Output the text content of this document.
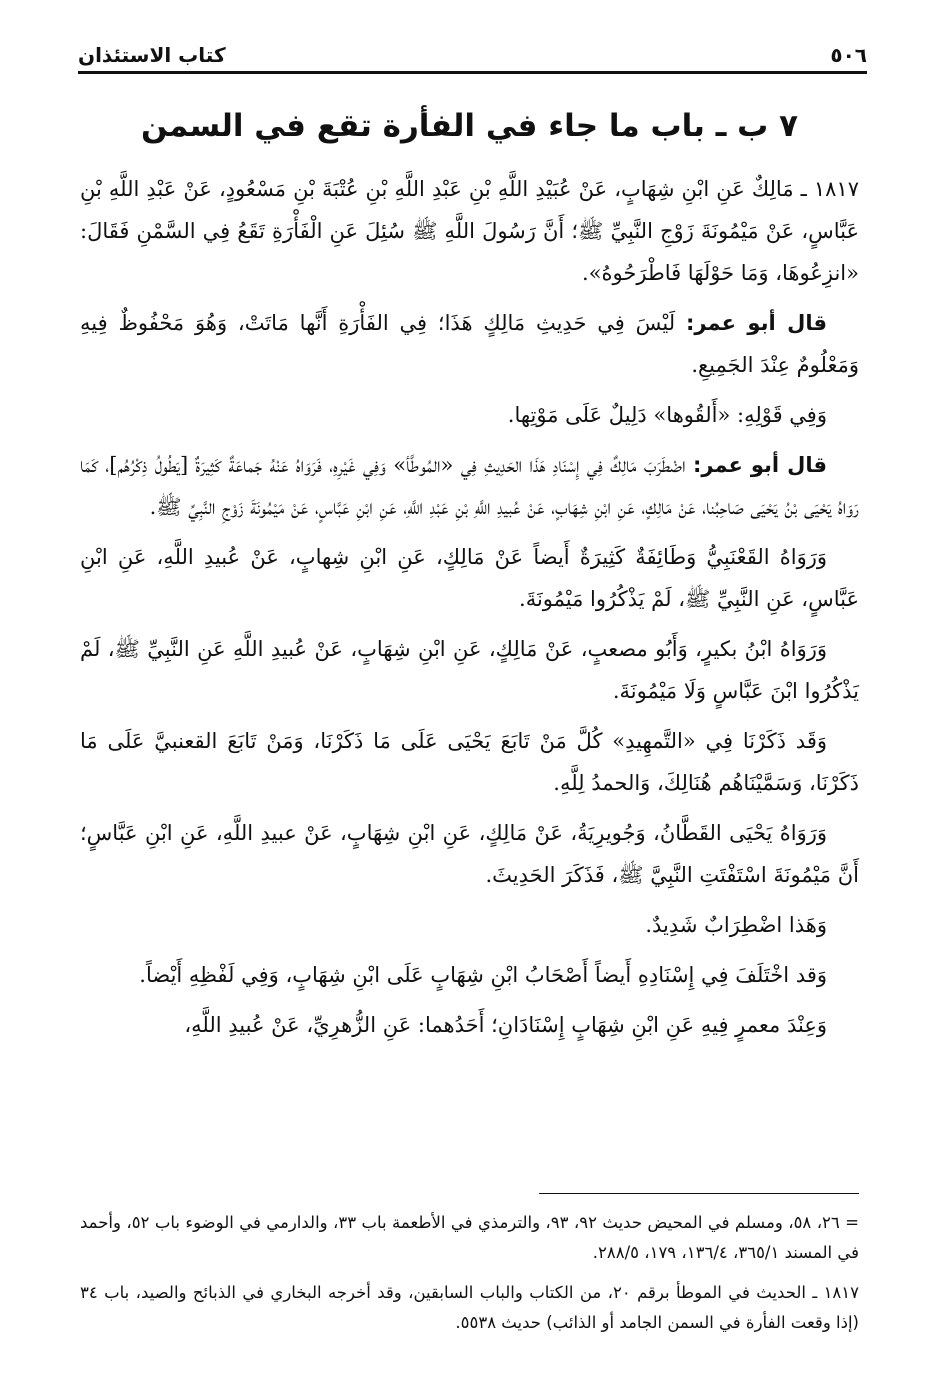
٥٠٦
كتاب الاستئذان
٧ ب ـ باب ما جاء في الفأرة تقع في السمن

١٨١٧ ـ مَالِكٌ عَنِ ابْنِ شِهَابٍ، عَنْ عُبَيْدِ اللَّهِ بْنِ عَبْدِ اللَّهِ بْنِ عُتْبَةَ بْنِ مَسْعُودٍ، عَنْ عَبْدِ اللَّهِ بْنِ عَبَّاسٍ، عَنْ مَيْمُونَةَ زَوْجِ النَّبِيِّ ﷺ؛ أَنَّ رَسُولَ اللَّهِ ﷺ سُئِلَ عَنِ الْفَأْرَةِ تَقَعُ فِي السَّمْنِ فَقَالَ: «انزِعُوهَا، وَمَا حَوْلَهَا فَاطْرَحُوهُ».

قال أبو عمر: لَيْسَ فِي حَدِيثِ مَالِكٍ هَذَا؛ فِي الفَأْرَةِ أَنَّها مَاتَتْ، وَهُوَ مَحْفُوظٌ فِيهِ وَمَعْلُومٌ عِنْدَ الجَمِيعِ.

وَفِي قَوْلِهِ: «أَلقُوها» دَلِيلٌ عَلَى مَوْتِها.

قال أبو عمر: اضْطَرَبَ مَالِكٌ فِي إِسْنَادِ هَذَا الحَدِيثِ فِي «المُوطَّأ» وَفِي غَيْرِهِ، فَرَوَاهُ عَنْهُ جَماعَةٌ كَثِيرَةٌ [يَطُولُ ذِكْرُهُم]، كَمَا رَوَاهُ يَحْيَى بْنُ يَحْيَى صَاحِبُنا، عَنْ مَالِكٍ، عَنِ ابْنِ شِهَابٍ، عَنْ عُبيدِ اللَّهِ بْنِ عَبْدِ اللَّهِ، عَنِ ابْنِ عَبَّاسٍ، عَنْ مَيْمُونَةَ زَوْجِ النَّبِيِّ ﷺ.

وَرَوَاهُ القَعْنَبِيُّ وَطَائِفَةٌ كَثِيرَةٌ أَيضاً عَنْ مَالِكٍ، عَنِ ابْنِ شِهابٍ، عَنْ عُبيدِ اللَّهِ، عَنِ ابْنِ عَبَّاسٍ، عَنِ النَّبِيِّ ﷺ، لَمْ يَذْكُرُوا مَيْمُونَةَ.

وَرَوَاهُ ابْنُ بكيرٍ، وَأَبُو مصعبٍ، عَنْ مَالِكٍ، عَنِ ابْنِ شِهَابٍ، عَنْ عُبيدِ اللَّهِ عَنِ النَّبِيِّ ﷺ، لَمْ يَذْكُرُوا ابْنَ عَبَّاسٍ وَلَا مَيْمُونَةَ.

وَقَد ذَكَرْنَا فِي «التَّمهِيدِ» كُلَّ مَنْ تَابَعَ يَحْيَى عَلَى مَا ذَكَرْنَا، وَمَنْ تَابَعَ القعنبيَّ عَلَى مَا ذَكَرْنَا، وَسَمَّيْنَاهُم هُنَالِكَ، وَالحمدُ لِلَّهِ.

وَرَوَاهُ يَحْيَى القَطَّانُ، وَجُويرِيَةُ، عَنْ مَالِكٍ، عَنِ ابْنِ شِهَابٍ، عَنْ عبيدِ اللَّهِ، عَنِ ابْنِ عَبَّاسٍ؛ أَنَّ مَيْمُونَةَ اسْتَفْتَتِ النَّبِيَّ ﷺ، فَذَكَرَ الحَدِيثَ.

وَهَذا اضْطِرَابٌ شَدِيدٌ.

وَقد اخْتَلَفَ فِي إِسْنَادِهِ أَيضاً أَصْحَابُ ابْنِ شِهَابٍ عَلَى ابْنِ شِهَابٍ، وَفِي لَفْظِهِ أَيْضاً.

وَعِنْدَ معمرٍ فِيهِ عَنِ ابْنِ شِهَابٍ إِسْنَادَانِ؛ أَحَدُهما: عَنِ الزُّهرِيِّ، عَنْ عُبيدِ اللَّهِ،

= ٢٦، ٥٨، ومسلم في المحيض حديث ٩٢، ٩٣، والترمذي في الأطعمة باب ٣٣، والدارمي في الوضوء باب ٥٢، وأحمد في المسند ٣٦٥/١، ١٣٦/٤، ١٧٩، ٢٨٨/٥.

١٨١٧ ـ الحديث في الموطأ برقم ٢٠، من الكتاب والباب السابقين، وقد أخرجه البخاري في الذبائح والصيد، باب ٣٤ (إذا وقعت الفأرة في السمن الجامد أو الذائب) حديث ٥٥٣٨.
